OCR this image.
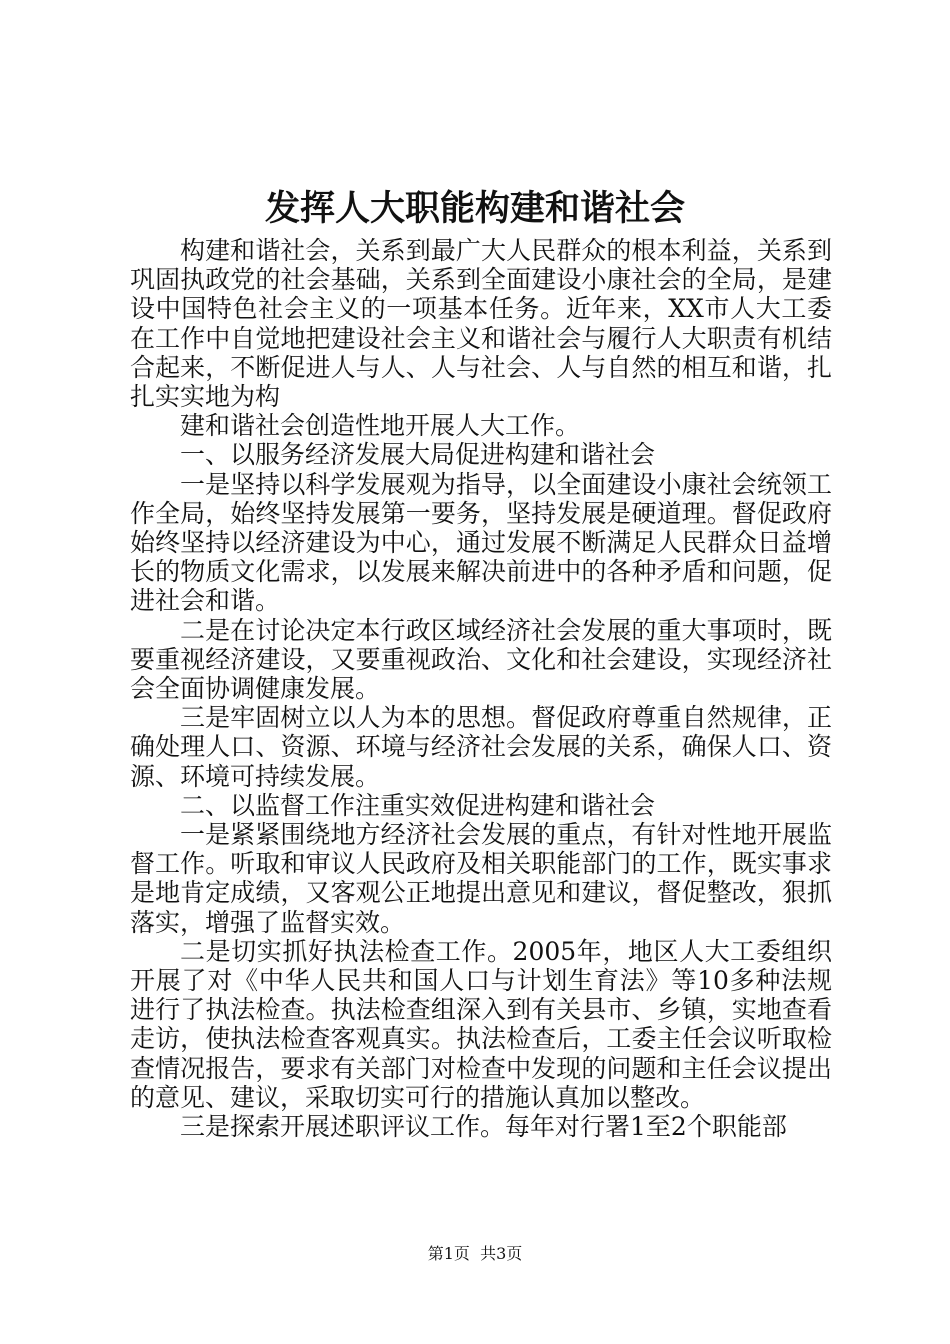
发挥人大职能构建和谐社会

构建和谐社会，关系到最广大人民群众的根本利益，关系到巩固执政党的社会基础，关系到全面建设小康社会的全局，是建设中国特色社会主义的一项基本任务。近年来，XX市人大工委在工作中自觉地把建设社会主义和谐社会与履行人大职责有机结合起来，不断促进人与人、人与社会、人与自然的相互和谐，扎扎实实地为构

建和谐社会创造性地开展人大工作。

一、以服务经济发展大局促进构建和谐社会

一是坚持以科学发展观为指导，以全面建设小康社会统领工作全局，始终坚持发展第一要务，坚持发展是硬道理。督促政府始终坚持以经济建设为中心，通过发展不断满足人民群众日益增长的物质文化需求，以发展来解决前进中的各种矛盾和问题，促进社会和谐。

二是在讨论决定本行政区域经济社会发展的重大事项时，既要重视经济建设，又要重视政治、文化和社会建设，实现经济社会全面协调健康发展。

三是牢固树立以人为本的思想。督促政府尊重自然规律，正确处理人口、资源、环境与经济社会发展的关系，确保人口、资源、环境可持续发展。

二、以监督工作注重实效促进构建和谐社会

一是紧紧围绕地方经济社会发展的重点，有针对性地开展监督工作。听取和审议人民政府及相关职能部门的工作，既实事求是地肯定成绩，又客观公正地提出意见和建议，督促整改，狠抓落实，增强了监督实效。

二是切实抓好执法检查工作。2005年，地区人大工委组织开展了对《中华人民共和国人口与计划生育法》等10多种法规进行了执法检查。执法检查组深入到有关县市、乡镇，实地查看走访，使执法检查客观真实。执法检查后，工委主任会议听取检查情况报告，要求有关部门对检查中发现的问题和主任会议提出的意见、建议，采取切实可行的措施认真加以整改。

三是探索开展述职评议工作。每年对行署1至2个职能部

第1页 共3页
